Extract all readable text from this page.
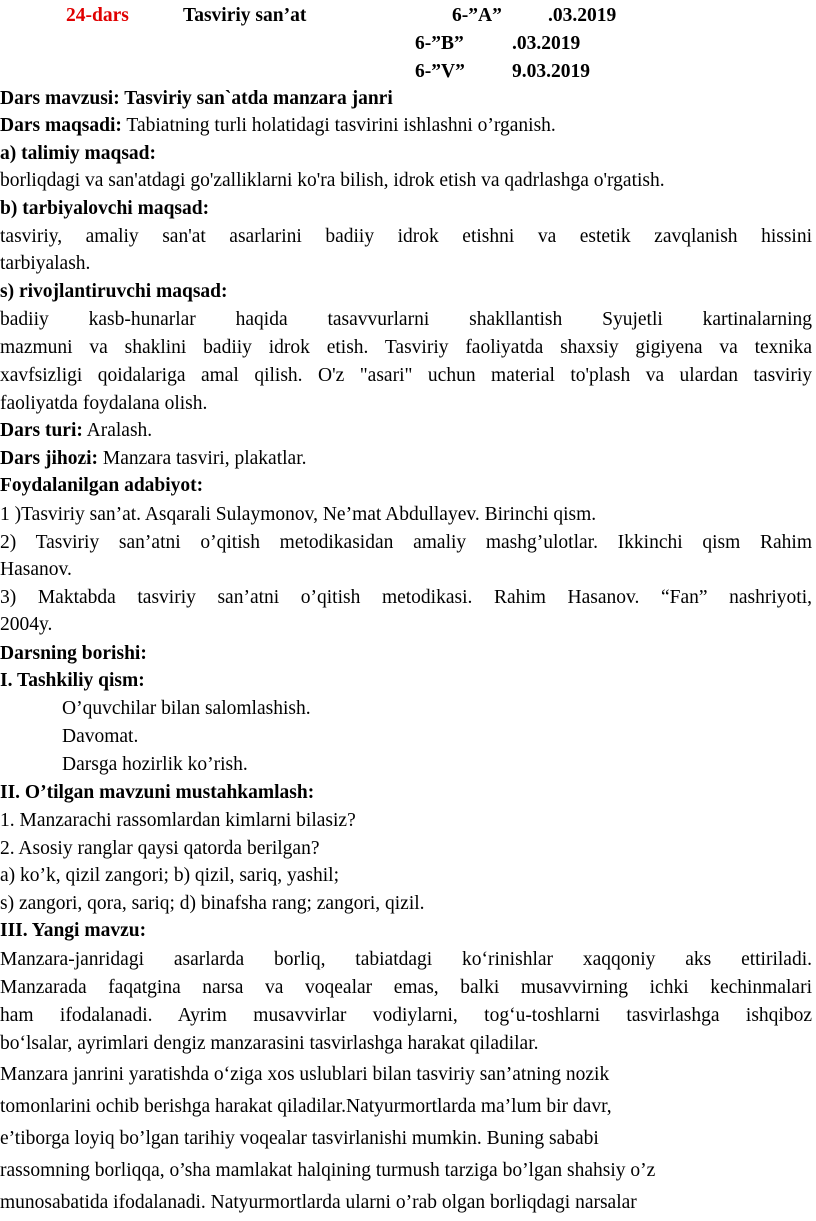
24-dars	Tasviriy san’at	6-”A” .03.2019
6-”B” .03.2019
6-”V” 9.03.2019
Dars mavzusi: Tasviriy san`atda manzara janri
Dars maqsadi: Tabiatning turli holatidagi tasvirini ishlashni o’rganish.
a) talimiy maqsad:
borliqdagi va san'atdagi go'zalliklarni ko'ra bilish, idrok etish va qadrlashga o'rgatish.
b) tarbiyalovchi maqsad:
tasviriy, amaliy san'at asarlarini badiiy idrok etishni va estetik zavqlanish hissini
tarbiyalash.
s) rivojlantiruvchi maqsad:
badiiy kasb-hunarlar haqida tasavvurlarni shakllantish Syujetli kartinalarning
mazmuni va shaklini badiiy idrok etish. Tasviriy faoliyatda shaxsiy gigiyena va texnika
xavfsizligi qoidalariga amal qilish. O'z "asari" uchun material to'plash va ulardan tasviriy
faoliyatda foydalana olish.
Dars turi: Aralash.
Dars jihozi: Manzara tasviri, plakatlar.
Foydalanilgan adabiyot:
1 )Tasviriy san’at. Asqarali Sulaymonov, Ne’mat Abdullayev. Birinchi qism.
2) Tasviriy san’atni o’qitish metodikasidan amaliy mashg’ulotlar. Ikkinchi qism Rahim
Hasanov.
3) Maktabda tasviriy san’atni o’qitish metodikasi. Rahim Hasanov. “Fan” nashriyoti,
2004y.
Darsning borishi:
I. Tashkiliy qism:
O’quvchilar bilan salomlashish.
Davomat.
Darsga hozirlik ko’rish.
II. O’tilgan mavzuni mustahkamlash:
1. Manzarachi rassomlardan kimlarni bilasiz?
2. Asosiy ranglar qaysi qatorda berilgan?
a) ko’k, qizil zangori; b) qizil, sariq, yashil;
s) zangori, qora, sariq; d) binafsha rang; zangori, qizil.
III. Yangi mavzu:
Manzara-janridagi asarlarda borliq, tabiatdagi ko‘rinishlar xaqqoniy aks ettiriladi.
Manzarada faqatgina narsa va voqealar emas, balki musavvirning ichki kechinmalari
ham ifodalanadi. Ayrim musavvirlar vodiylarni, tog‘u-toshlarni tasvirlashga ishqiboz
bo‘lsalar, ayrimlari dengiz manzarasini tasvirlashga harakat qiladilar.
Manzara janrini yaratishda o‘ziga xos uslublari bilan tasviriy san’atning nozik
tomonlarini ochib berishga harakat qiladilar.Natyurmortlarda ma’lum bir davr,
e’tiborga loyiq bo’lgan tarihiy voqealar tasvirlanishi mumkin. Buning sababi
rassomning borliqqa, o’sha mamlakat halqining turmush tarziga bo’lgan shahsiy o’z
munosabatida ifodalanadi. Natyurmortlarda ularni o’rab olgan borliqdagi narsalar
